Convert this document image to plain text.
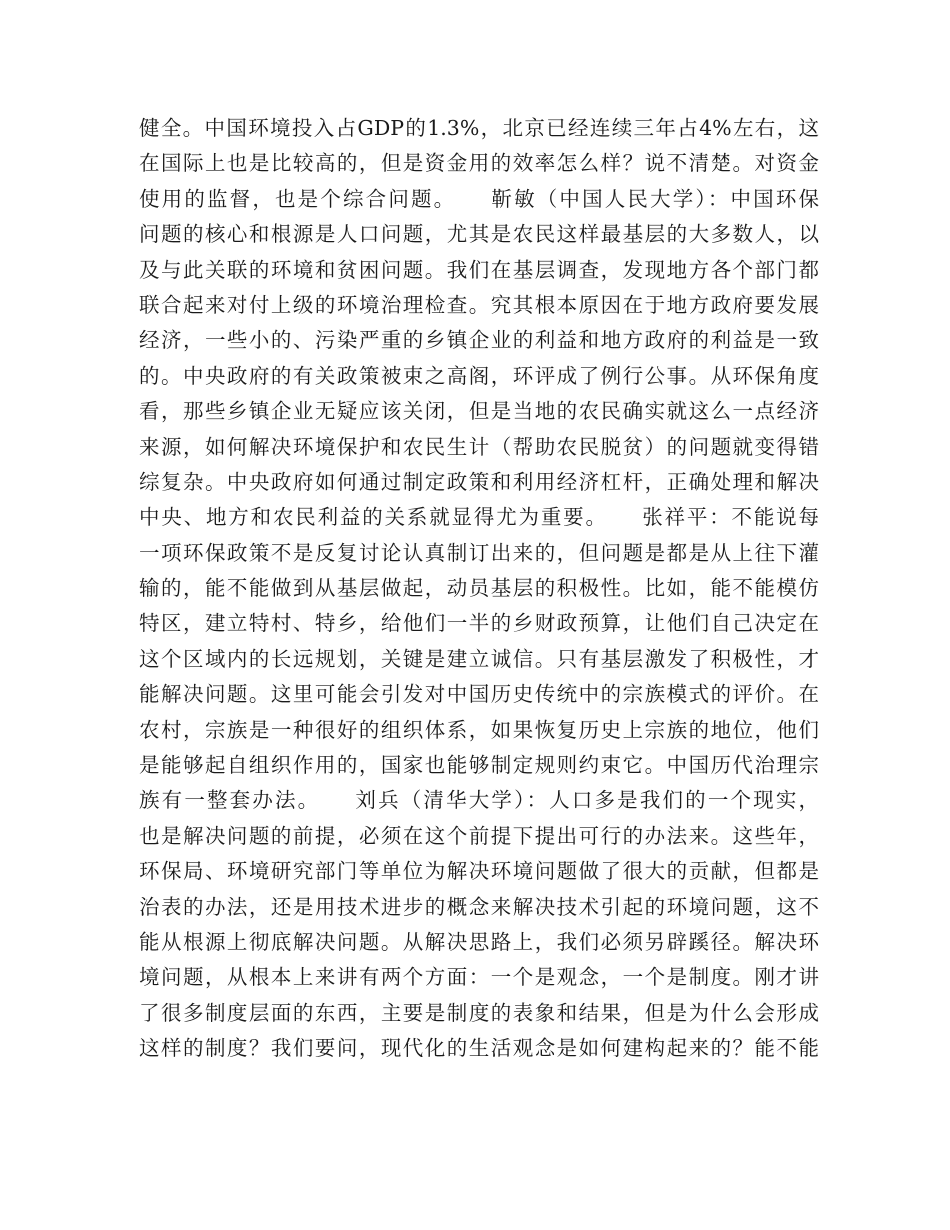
健全。中国环境投入占GDP的1.3%，北京已经连续三年占4%左右，这
在国际上也是比较高的，但是资金用的效率怎么样？说不清楚。对资金
使用的监督，也是个综合问题。　　靳敏（中国人民大学）：中国环保
问题的核心和根源是人口问题，尤其是农民这样最基层的大多数人，以
及与此关联的环境和贫困问题。我们在基层调查，发现地方各个部门都
联合起来对付上级的环境治理检查。究其根本原因在于地方政府要发展
经济，一些小的、污染严重的乡镇企业的利益和地方政府的利益是一致
的。中央政府的有关政策被束之高阁，环评成了例行公事。从环保角度
看，那些乡镇企业无疑应该关闭，但是当地的农民确实就这么一点经济
来源，如何解决环境保护和农民生计（帮助农民脱贫）的问题就变得错
综复杂。中央政府如何通过制定政策和利用经济杠杆，正确处理和解决
中央、地方和农民利益的关系就显得尤为重要。　　张祥平：不能说每
一项环保政策不是反复讨论认真制订出来的，但问题是都是从上往下灌
输的，能不能做到从基层做起，动员基层的积极性。比如，能不能模仿
特区，建立特村、特乡，给他们一半的乡财政预算，让他们自己决定在
这个区域内的长远规划，关键是建立诚信。只有基层激发了积极性，才
能解决问题。这里可能会引发对中国历史传统中的宗族模式的评价。在
农村，宗族是一种很好的组织体系，如果恢复历史上宗族的地位，他们
是能够起自组织作用的，国家也能够制定规则约束它。中国历代治理宗
族有一整套办法。　　刘兵（清华大学）：人口多是我们的一个现实，
也是解决问题的前提，必须在这个前提下提出可行的办法来。这些年，
环保局、环境研究部门等单位为解决环境问题做了很大的贡献，但都是
治表的办法，还是用技术进步的概念来解决技术引起的环境问题，这不
能从根源上彻底解决问题。从解决思路上，我们必须另辟蹊径。解决环
境问题，从根本上来讲有两个方面：一个是观念，一个是制度。刚才讲
了很多制度层面的东西，主要是制度的表象和结果，但是为什么会形成
这样的制度？我们要问，现代化的生活观念是如何建构起来的？能不能
